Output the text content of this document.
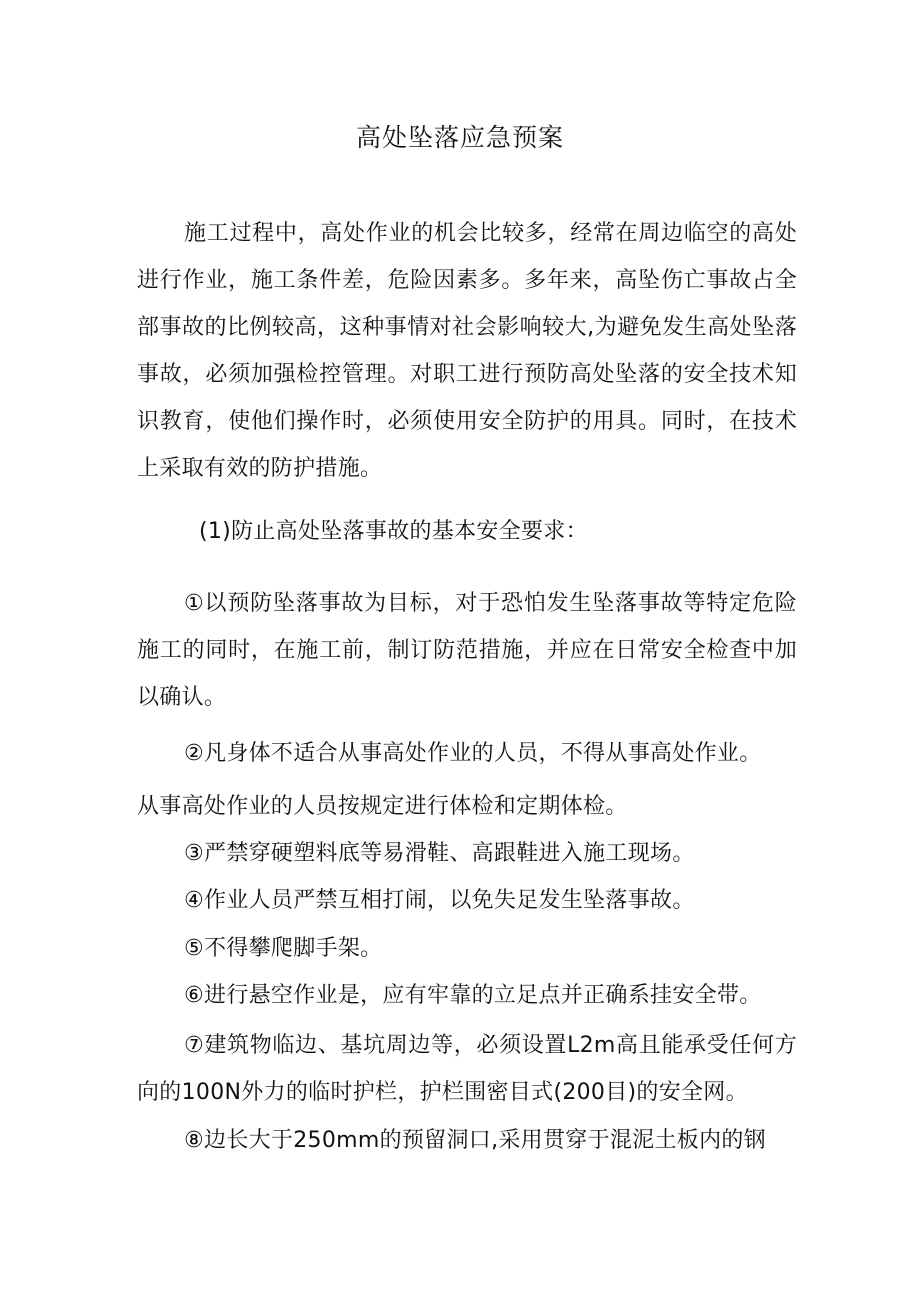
高处坠落应急预案

施工过程中，高处作业的机会比较多，经常在周边临空的高处进行作业，施工条件差，危险因素多。多年来，高坠伤亡事故占全部事故的比例较高，这种事情对社会影响较大,为避免发生高处坠落事故，必须加强检控管理。对职工进行预防高处坠落的安全技术知识教育，使他们操作时，必须使用安全防护的用具。同时，在技术上采取有效的防护措施。

(1)防止高处坠落事故的基本安全要求：

①以预防坠落事故为目标，对于恐怕发生坠落事故等特定危险施工的同时，在施工前，制订防范措施，并应在日常安全检查中加以确认。

②凡身体不适合从事高处作业的人员，不得从事高处作业。

从事高处作业的人员按规定进行体检和定期体检。

③严禁穿硬塑料底等易滑鞋、高跟鞋进入施工现场。

④作业人员严禁互相打闹，以免失足发生坠落事故。

⑤不得攀爬脚手架。

⑥进行悬空作业是，应有牢靠的立足点并正确系挂安全带。

⑦建筑物临边、基坑周边等，必须设置L2m高且能承受任何方向的100N外力的临时护栏，护栏围密目式(200目)的安全网。

⑧边长大于250mm的预留洞口,采用贯穿于混泥土板内的钢
